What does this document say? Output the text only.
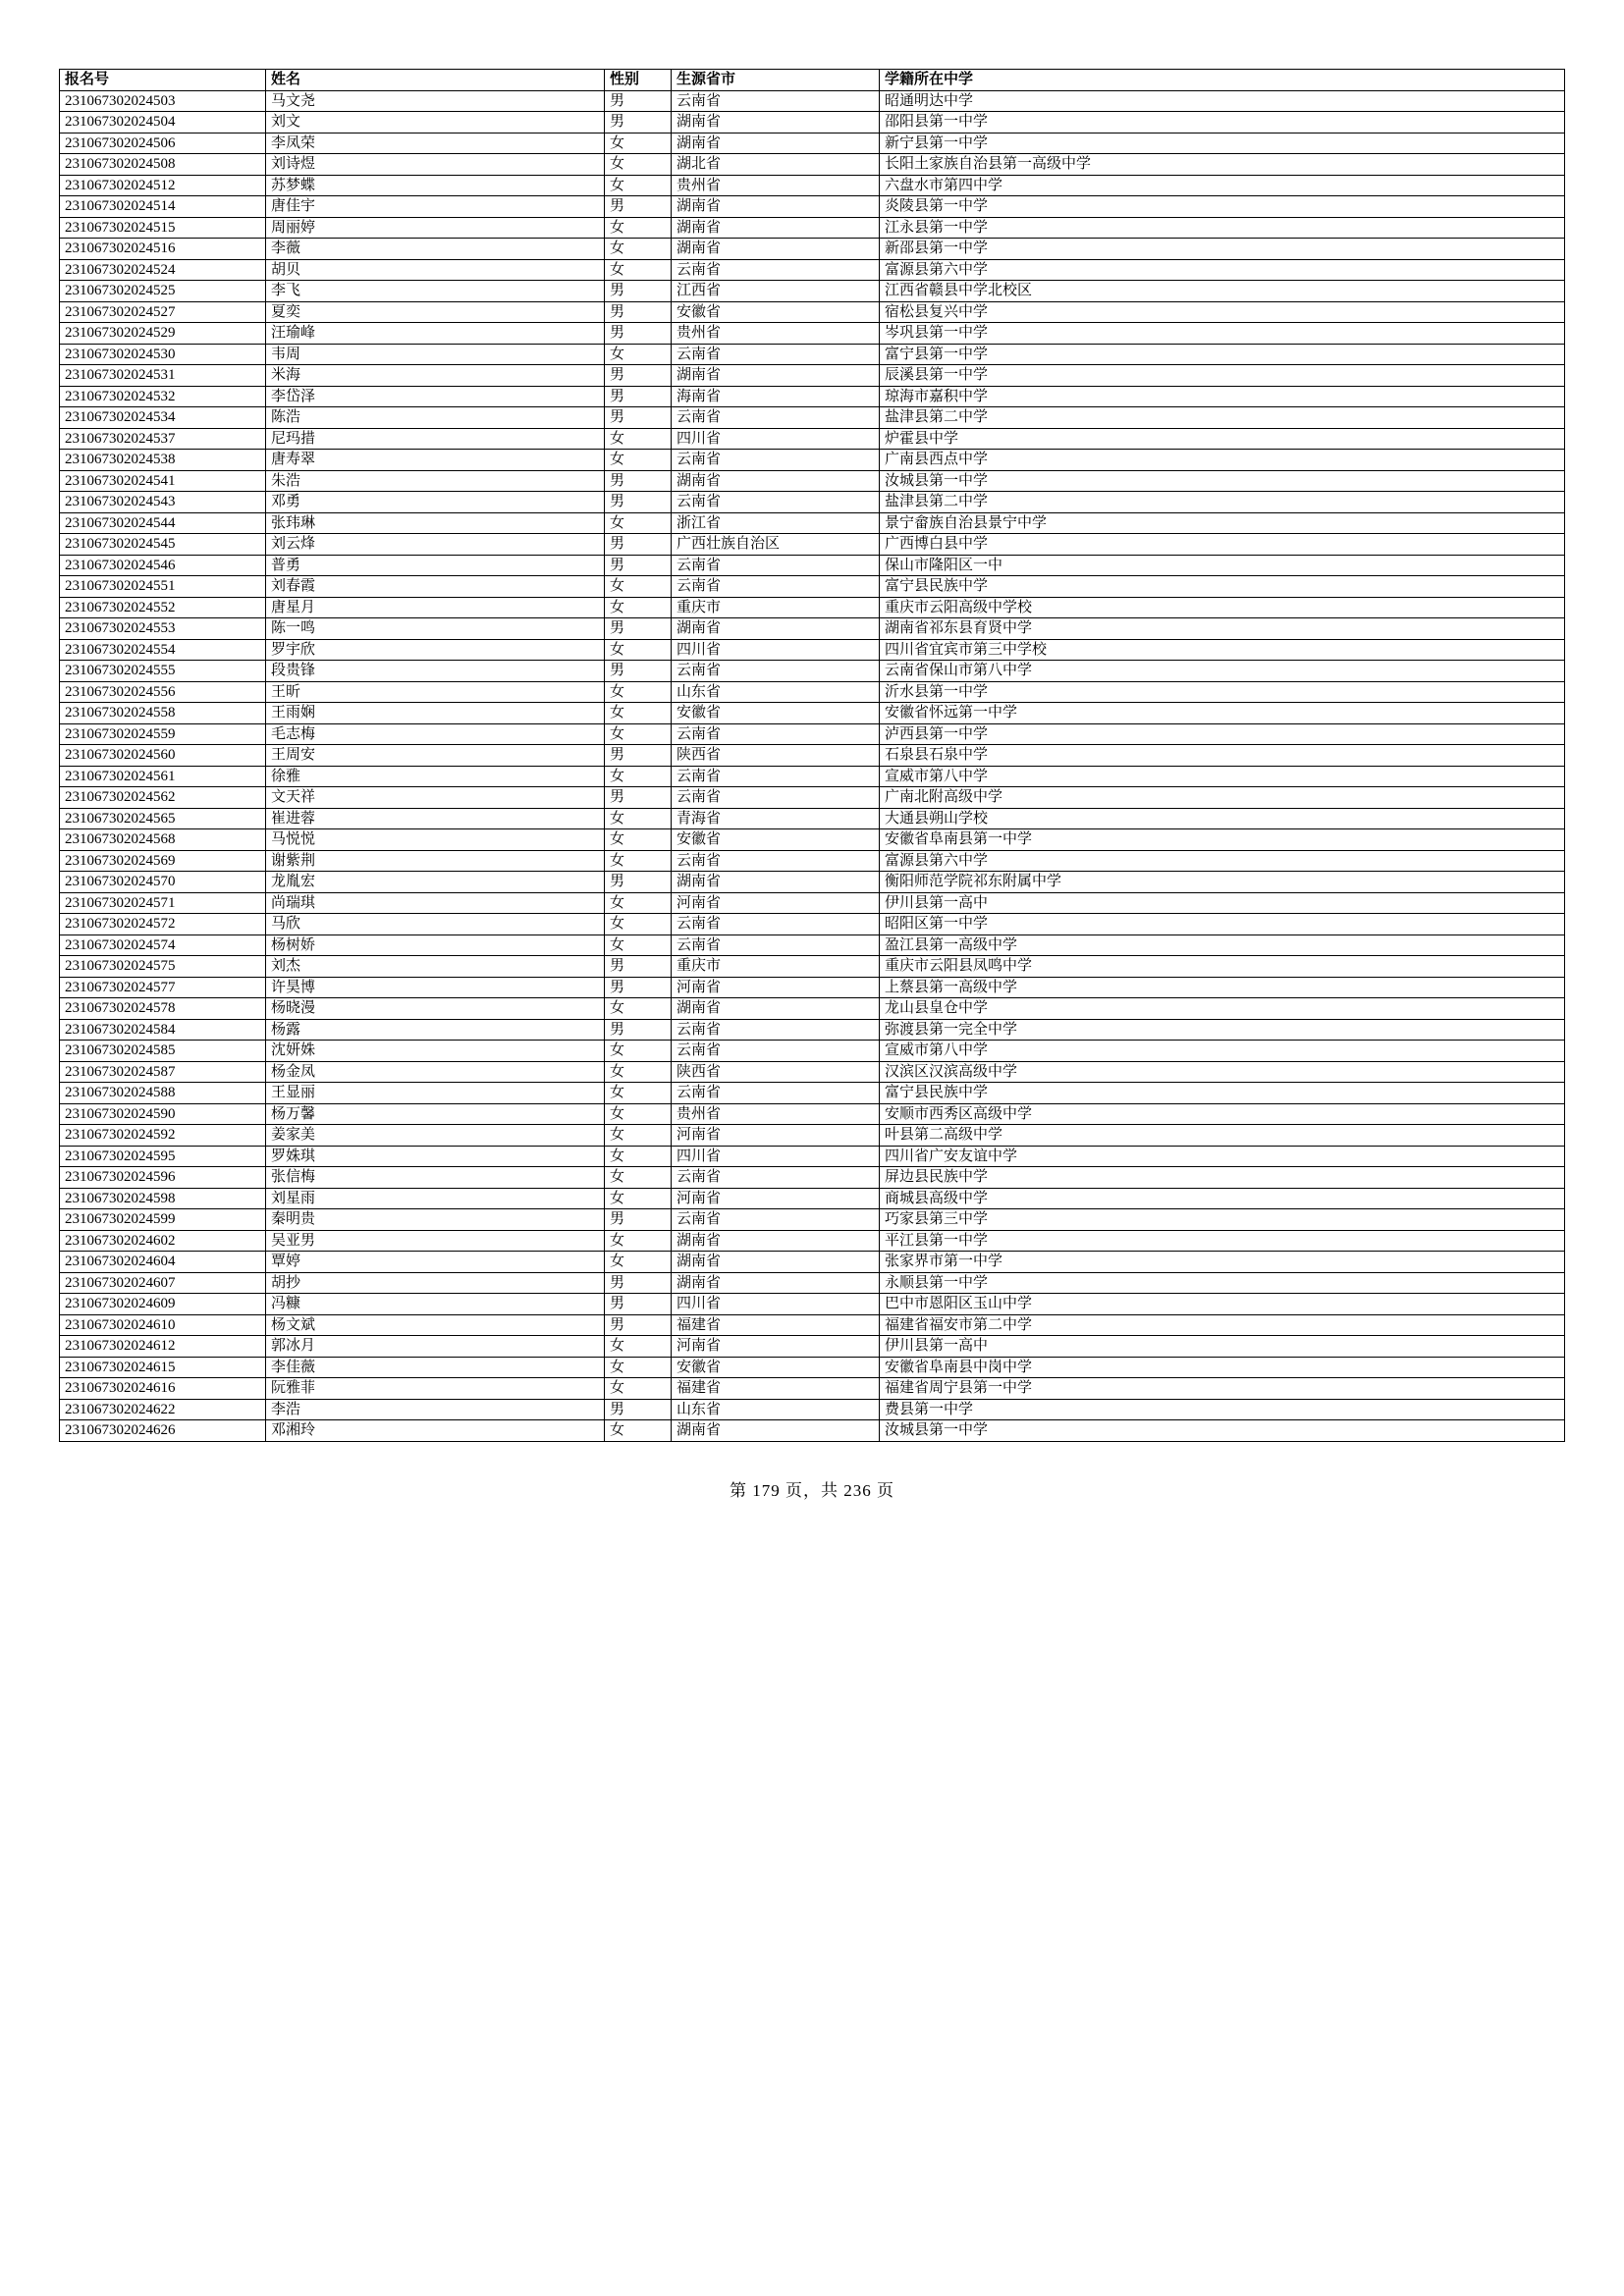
报名号	姓名	性别	生源省市	学籍所在中学
231067302024503	马文尧	男	云南省	昭通明达中学
231067302024504	刘文	男	湖南省	邵阳县第一中学
231067302024506	李凤荣	女	湖南省	新宁县第一中学
231067302024508	刘诗煜	女	湖北省	长阳土家族自治县第一高级中学
231067302024512	苏梦蝶	女	贵州省	六盘水市第四中学
231067302024514	唐佳宇	男	湖南省	炎陵县第一中学
231067302024515	周丽婷	女	湖南省	江永县第一中学
231067302024516	李薇	女	湖南省	新邵县第一中学
231067302024524	胡贝	女	云南省	富源县第六中学
231067302024525	李飞	男	江西省	江西省赣县中学北校区
231067302024527	夏奕	男	安徽省	宿松县复兴中学
231067302024529	汪瑜峰	男	贵州省	岑巩县第一中学
231067302024530	韦周	女	云南省	富宁县第一中学
231067302024531	米海	男	湖南省	辰溪县第一中学
231067302024532	李岱泽	男	海南省	琼海市嘉积中学
231067302024534	陈浩	男	云南省	盐津县第二中学
231067302024537	尼玛措	女	四川省	炉霍县中学
231067302024538	唐寿翠	女	云南省	广南县西点中学
231067302024541	朱浩	男	湖南省	汝城县第一中学
231067302024543	邓勇	男	云南省	盐津县第二中学
231067302024544	张玮琳	女	浙江省	景宁畲族自治县景宁中学
231067302024545	刘云烽	男	广西壮族自治区	广西博白县中学
231067302024546	普勇	男	云南省	保山市隆阳区一中
231067302024551	刘春霞	女	云南省	富宁县民族中学
231067302024552	唐星月	女	重庆市	重庆市云阳高级中学校
231067302024553	陈一鸣	男	湖南省	湖南省祁东县育贤中学
231067302024554	罗宇欣	女	四川省	四川省宜宾市第三中学校
231067302024555	段贵锋	男	云南省	云南省保山市第八中学
231067302024556	王昕	女	山东省	沂水县第一中学
231067302024558	王雨娴	女	安徽省	安徽省怀远第一中学
231067302024559	毛志梅	女	云南省	泸西县第一中学
231067302024560	王周安	男	陕西省	石泉县石泉中学
231067302024561	徐雅	女	云南省	宣威市第八中学
231067302024562	文天祥	男	云南省	广南北附高级中学
231067302024565	崔进蓉	女	青海省	大通县朔山学校
231067302024568	马悦悦	女	安徽省	安徽省阜南县第一中学
231067302024569	谢紫荆	女	云南省	富源县第六中学
231067302024570	龙胤宏	男	湖南省	衡阳师范学院祁东附属中学
231067302024571	尚瑞琪	女	河南省	伊川县第一高中
231067302024572	马欣	女	云南省	昭阳区第一中学
231067302024574	杨树娇	女	云南省	盈江县第一高级中学
231067302024575	刘杰	男	重庆市	重庆市云阳县凤鸣中学
231067302024577	许昊博	男	河南省	上蔡县第一高级中学
231067302024578	杨晓漫	女	湖南省	龙山县皇仓中学
231067302024584	杨露	男	云南省	弥渡县第一完全中学
231067302024585	沈妍姝	女	云南省	宣威市第八中学
231067302024587	杨金凤	女	陕西省	汉滨区汉滨高级中学
231067302024588	王显丽	女	云南省	富宁县民族中学
231067302024590	杨万馨	女	贵州省	安顺市西秀区高级中学
231067302024592	姜家美	女	河南省	叶县第二高级中学
231067302024595	罗姝琪	女	四川省	四川省广安友谊中学
231067302024596	张信梅	女	云南省	屏边县民族中学
231067302024598	刘星雨	女	河南省	商城县高级中学
231067302024599	秦明贵	男	云南省	巧家县第三中学
231067302024602	吴亚男	女	湖南省	平江县第一中学
231067302024604	覃婷	女	湖南省	张家界市第一中学
231067302024607	胡抄	男	湖南省	永顺县第一中学
231067302024609	冯糠	男	四川省	巴中市恩阳区玉山中学
231067302024610	杨文斌	男	福建省	福建省福安市第二中学
231067302024612	郭冰月	女	河南省	伊川县第一高中
231067302024615	李佳薇	女	安徽省	安徽省阜南县中岗中学
231067302024616	阮雅菲	女	福建省	福建省周宁县第一中学
231067302024622	李浩	男	山东省	费县第一中学
231067302024626	邓湘玲	女	湖南省	汝城县第一中学
第 179 页，共 236 页
